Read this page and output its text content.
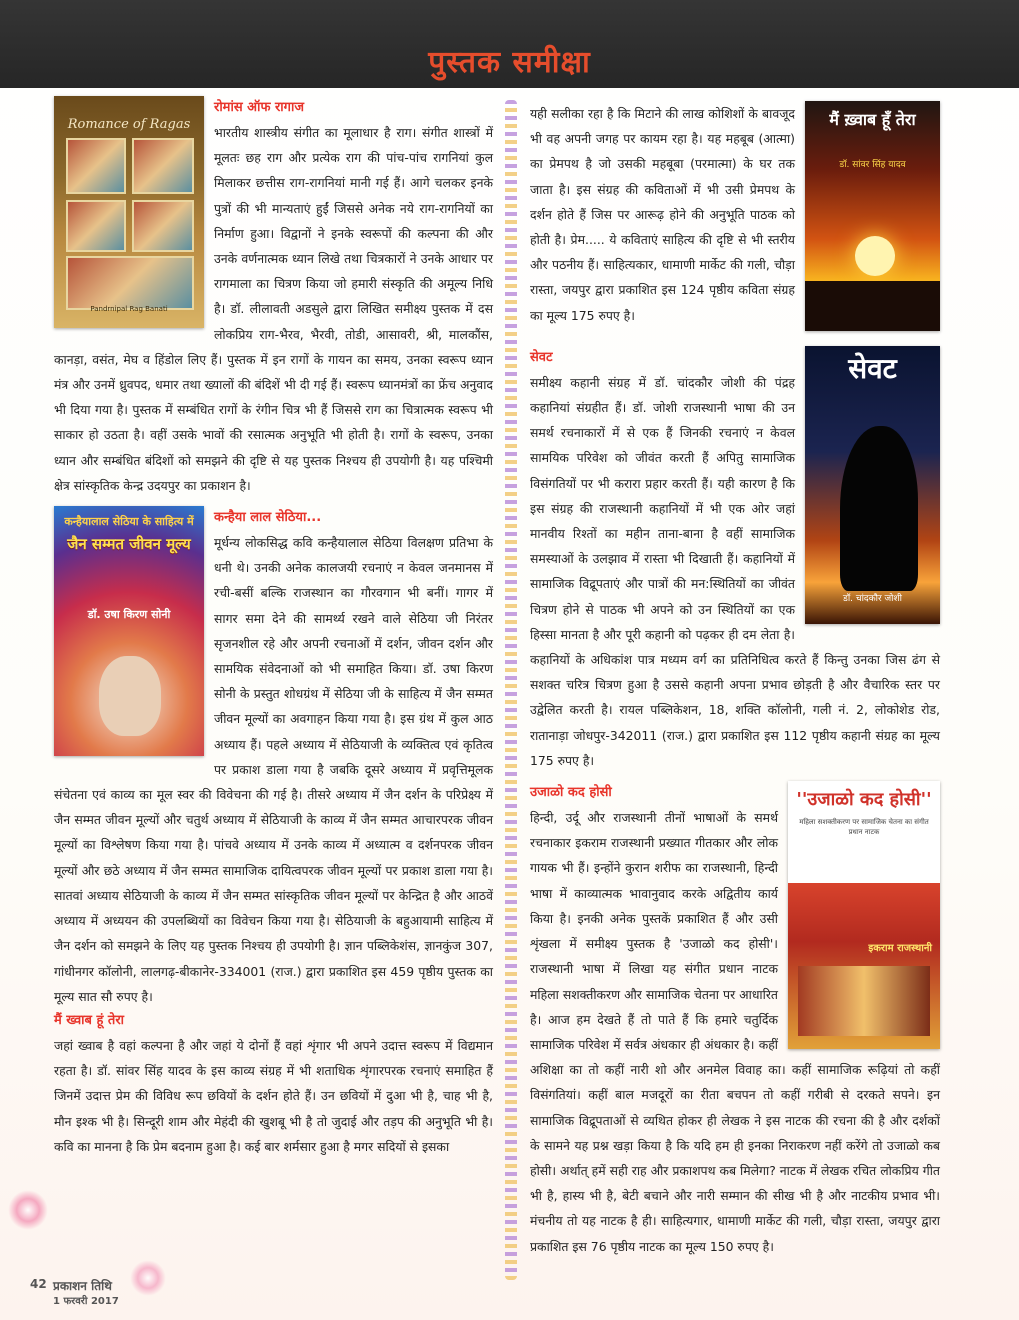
पुस्तक समीक्षा
Romance of Ragas
Pandrnipal Rag Banati

रोमांस ऑफ रागाज

भारतीय शास्त्रीय संगीत का मूलाधार है राग। संगीत शास्त्रों में मूलतः छह राग और प्रत्येक राग की पांच-पांच रागनियां कुल मिलाकर छत्तीस राग-रागनियां मानी गई हैं। आगे चलकर इनके पुत्रों की भी मान्यताएं हुईं जिससे अनेक नये राग-रागनियों का निर्माण हुआ। विद्वानों ने इनके स्वरूपों की कल्पना की और उनके वर्णनात्मक ध्यान लिखे तथा चित्रकारों ने उनके आधार पर रागमाला का चित्रण किया जो हमारी संस्कृति की अमूल्य निधि है। डॉ. लीलावती अडसुले द्वारा लिखित समीक्ष्य पुस्तक में दस लोकप्रिय राग-भैरव, भैरवी, तोडी, आसावरी, श्री, मालकौंस, कानड़ा, वसंत, मेघ व हिंडोल लिए हैं। पुस्तक में इन रागों के गायन का समय, उनका स्वरूप ध्यान मंत्र और उनमें ध्रुवपद, धमार तथा ख्यालों की बंदिशें भी दी गई हैं। स्वरूप ध्यानमंत्रों का फ्रेंच अनुवाद भी दिया गया है। पुस्तक में सम्बंधित रागों के रंगीन चित्र भी हैं जिससे राग का चित्रात्मक स्वरूप भी साकार हो उठता है। वहीं उसके भावों की रसात्मक अनुभूति भी होती है। रागों के स्वरूप, उनका ध्यान और सम्बंधित बंदिशों को समझने की दृष्टि से यह पुस्तक निश्चय ही उपयोगी है। यह पश्चिमी क्षेत्र सांस्कृतिक केन्द्र उदयपुर का प्रकाशन है।

कन्हैयालाल सेठिया के साहित्य में
जैन सम्मत जीवन मूल्य
डॉ. उषा किरण सोनी

कन्हैया लाल सेठिया...

मूर्धन्य लोकसिद्ध कवि कन्हैयालाल सेठिया विलक्षण प्रतिभा के धनी थे। उनकी अनेक कालजयी रचनाएं न केवल जनमानस में रची-बसीं बल्कि राजस्थान का गौरवगान भी बनीं। गागर में सागर समा देने की सामर्थ्य रखने वाले सेठिया जी निरंतर सृजनशील रहे और अपनी रचनाओं में दर्शन, जीवन दर्शन और सामयिक संवेदनाओं को भी समाहित किया। डॉ. उषा किरण सोनी के प्रस्तुत शोधग्रंथ में सेठिया जी के साहित्य में जैन सम्मत जीवन मूल्यों का अवगाहन किया गया है। इस ग्रंथ में कुल आठ अध्याय हैं। पहले अध्याय में सेठियाजी के व्यक्तित्व एवं कृतित्व पर प्रकाश डाला गया है जबकि दूसरे अध्याय में प्रवृत्तिमूलक संचेतना एवं काव्य का मूल स्वर की विवेचना की गई है। तीसरे अध्याय में जैन दर्शन के परिप्रेक्ष्य में जैन सम्मत जीवन मूल्यों और चतुर्थ अध्याय में सेठियाजी के काव्य में जैन सम्मत आचारपरक जीवन मूल्यों का विश्लेषण किया गया है। पांचवे अध्याय में उनके काव्य में अध्यात्म व दर्शनपरक जीवन मूल्यों और छठे अध्याय में जैन सम्मत सामाजिक दायित्वपरक जीवन मूल्यों पर प्रकाश डाला गया है। सातवां अध्याय सेठियाजी के काव्य में जैन सम्मत सांस्कृतिक जीवन मूल्यों पर केन्द्रित है और आठवें अध्याय में अध्ययन की उपलब्धियों का विवेचन किया गया है। सेठियाजी के बहुआयामी साहित्य में जैन दर्शन को समझने के लिए यह पुस्तक निश्चय ही उपयोगी है। ज्ञान पब्लिकेशंस, ज्ञानकुंज 307, गांधीनगर कॉलोनी, लालगढ़-बीकानेर-334001 (राज.) द्वारा प्रकाशित इस 459 पृष्ठीय पुस्तक का मूल्य सात सौ रुपए है।

मैं ख्वाब हूं तेरा

जहां ख्वाब है वहां कल्पना है और जहां ये दोनों हैं वहां शृंगार भी अपने उदात्त स्वरूप में विद्यमान रहता है। डॉ. सांवर सिंह यादव के इस काव्य संग्रह में भी शताधिक शृंगारपरक रचनाएं समाहित हैं जिनमें उदात्त प्रेम की विविध रूप छवियों के दर्शन होते हैं। उन छवियों में दुआ भी है, चाह भी है, मौन इश्क भी है। सिन्दूरी शाम और मेहंदी की खुशबू भी है तो जुदाई और तड़प की अनुभूति भी है। कवि का मानना है कि प्रेम बदनाम हुआ है। कई बार शर्मसार हुआ है मगर सदियों से इसका

मैं ख़्वाब हूँ तेरा
डॉ. सांवर सिंह यादव

यही सलीका रहा है कि मिटाने की लाख कोशिशों के बावजूद भी वह अपनी जगह पर कायम रहा है। यह महबूब (आत्मा) का प्रेमपथ है जो उसकी महबूबा (परमात्मा) के घर तक जाता है। इस संग्रह की कविताओं में भी उसी प्रेमपथ के दर्शन होते हैं जिस पर आरूढ़ होने की अनुभूति पाठक को होती है। प्रेम..... ये कविताएं साहित्य की दृष्टि से भी स्तरीय और पठनीय हैं। साहित्यकार, धामाणी मार्केट की गली, चौड़ा रास्ता, जयपुर द्वारा प्रकाशित इस 124 पृष्ठीय कविता संग्रह का मूल्य 175 रुपए है।

सेवट
डॉ. चांदकौर जोशी

सेवट

समीक्ष्य कहानी संग्रह में डॉ. चांदकौर जोशी की पंद्रह कहानियां संग्रहीत हैं। डॉ. जोशी राजस्थानी भाषा की उन समर्थ रचनाकारों में से एक हैं जिनकी रचनाएं न केवल सामयिक परिवेश को जीवंत करती हैं अपितु सामाजिक विसंगतियों पर भी करारा प्रहार करती हैं। यही कारण है कि इस संग्रह की राजस्थानी कहानियों में भी एक ओर जहां मानवीय रिश्तों का महीन ताना-बाना है वहीं सामाजिक समस्याओं के उलझाव में रास्ता भी दिखाती हैं। कहानियों में सामाजिक विद्रूपताएं और पात्रों की मन:स्थितियों का जीवंत चित्रण होने से पाठक भी अपने को उन स्थितियों का एक हिस्सा मानता है और पूरी कहानी को पढ़कर ही दम लेता है। कहानियों के अधिकांश पात्र मध्यम वर्ग का प्रतिनिधित्व करते हैं किन्तु उनका जिस ढंग से सशक्त चरित्र चित्रण हुआ है उससे कहानी अपना प्रभाव छोड़ती है और वैचारिक स्तर पर उद्वेलित करती है। रायल पब्लिकेशन, 18, शक्ति कॉलोनी, गली नं. 2, लोकोशेड रोड, रातानाड़ा जोधपुर-342011 (राज.) द्वारा प्रकाशित इस 112 पृष्ठीय कहानी संग्रह का मूल्य 175 रुपए है।

''उजाळो कद होसी''
महिला सशक्तीकरण पर सामाजिक चेतना का संगीत प्रधान नाटक
इकराम राजस्थानी

उजाळो कद होसी

हिन्दी, उर्दू और राजस्थानी तीनों भाषाओं के समर्थ रचनाकार इकराम राजस्थानी प्रख्यात गीतकार और लोक गायक भी हैं। इन्होंने कुरान शरीफ का राजस्थानी, हिन्दी भाषा में काव्यात्मक भावानुवाद करके अद्वितीय कार्य किया है। इनकी अनेक पुस्तकें प्रकाशित हैं और उसी शृंखला में समीक्ष्य पुस्तक है 'उजाळो कद होसी'। राजस्थानी भाषा में लिखा यह संगीत प्रधान नाटक महिला सशक्तीकरण और सामाजिक चेतना पर आधारित है। आज हम देखते हैं तो पाते हैं कि हमारे चतुर्दिक सामाजिक परिवेश में सर्वत्र अंधकार ही अंधकार है। कहीं अशिक्षा का तो कहीं नारी शो और अनमेल विवाह का। कहीं सामाजिक रूढ़ियां तो कहीं विसंगतियां। कहीं बाल मजदूरों का रीता बचपन तो कहीं गरीबी से दरकते सपने। इन सामाजिक विद्रूपताओं से व्यथित होकर ही लेखक ने इस नाटक की रचना की है और दर्शकों के सामने यह प्रश्न खड़ा किया है कि यदि हम ही इनका निराकरण नहीं करेंगे तो उजाळो कब होसी। अर्थात् हमें सही राह और प्रकाशपथ कब मिलेगा? नाटक में लेखक रचित लोकप्रिय गीत भी है, हास्य भी है, बेटी बचाने और नारी सम्मान की सीख भी है और नाटकीय प्रभाव भी। मंचनीय तो यह नाटक है ही। साहित्यगार, धामाणी मार्केट की गली, चौड़ा रास्ता, जयपुर द्वारा प्रकाशित इस 76 पृष्ठीय नाटक का मूल्य 150 रुपए है।

42 प्रकाशन तिथि
1 फरवरी 2017
